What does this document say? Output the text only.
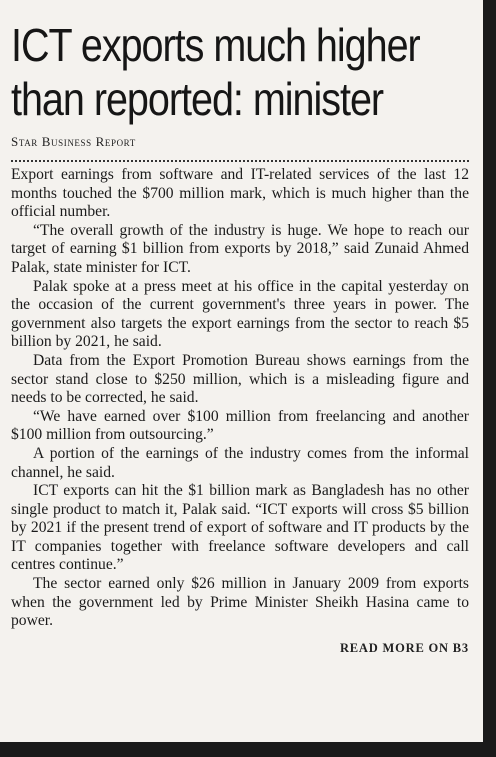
ICT exports much higher
than reported: minister
Star Business Report

Export earnings from software and IT-related services of the last 12 months touched the $700 million mark, which is much higher than the official number.

“The overall growth of the industry is huge. We hope to reach our target of earning $1 billion from exports by 2018,” said Zunaid Ahmed Palak, state minister for ICT.

Palak spoke at a press meet at his office in the capital yesterday on the occasion of the current government's three years in power. The government also targets the export earnings from the sector to reach $5 billion by 2021, he said.

Data from the Export Promotion Bureau shows earnings from the sector stand close to $250 million, which is a misleading figure and needs to be corrected, he said.

“We have earned over $100 million from freelancing and another $100 million from outsourcing.”

A portion of the earnings of the industry comes from the informal channel, he said.

ICT exports can hit the $1 billion mark as Bangladesh has no other single product to match it, Palak said. “ICT exports will cross $5 billion by 2021 if the present trend of export of software and IT products by the IT companies together with freelance software developers and call centres continue.”

The sector earned only $26 million in January 2009 from exports when the government led by Prime Minister Sheikh Hasina came to power.

READ MORE ON B3
